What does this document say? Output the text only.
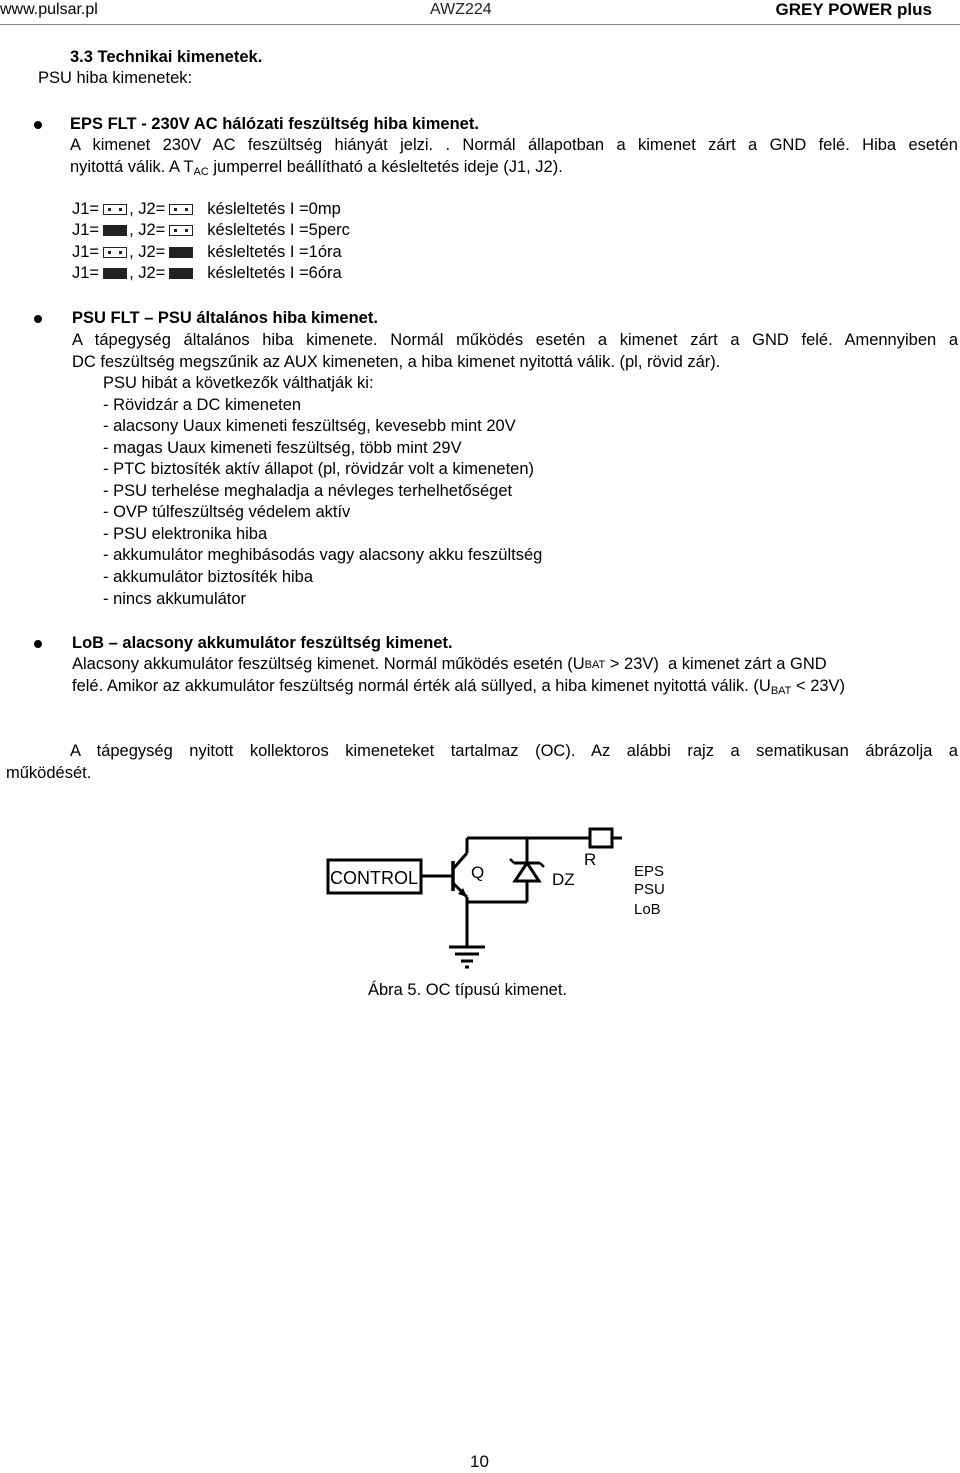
www.pulsar.pl	AWZ224	GREY POWER plus
3.3 Technikai kimenetek.
PSU hiba kimenetek:
EPS FLT - 230V AC hálózati feszültség hiba kimenet.
A kimenet 230V AC feszültség hiányát jelzi. . Normál állapotban a kimenet zárt a GND felé. Hiba esetén
nyitottá válik. A $T_{AC}$ jumperrel beállítható a késleltetés ideje (J1, J2).
J1= , J2=	késleltetés I =0mp
J1= , J2=	késleltetés I =5perc
J1= , J2=	késleltetés I =1óra
J1= , J2=	késleltetés I =6óra
PSU FLT – PSU általános hiba kimenet.
A tápegység általános hiba kimenete. Normál működés esetén a kimenet zárt a GND felé. Amennyiben a
DC feszültség megszűnik az AUX kimeneten, a hiba kimenet nyitottá válik. (pl, rövid zár).
PSU hibát a következők válthatják ki:
- Rövidzár a DC kimeneten
- alacsony Uaux kimeneti feszültség, kevesebb mint 20V
- magas Uaux kimeneti feszültség, több mint 29V
- PTC biztosíték aktív állapot (pl, rövidzár volt a kimeneten)
- PSU terhelése meghaladja a névleges terhelhetőséget
- OVP túlfeszültség védelem aktív
- PSU elektronika hiba
- akkumulátor meghibásodás vagy alacsony akku feszültség
- akkumulátor biztosíték hiba
- nincs akkumulátor
LoB – alacsony akkumulátor feszültség kimenet.
Alacsony akkumulátor feszültség kimenet. Normál működés esetén $(U_{BAT} > 23V)$  a kimenet zárt a GND
felé. Amikor az akkumulátor feszültség normál érték alá süllyed, a hiba kimenet nyitottá válik. $(U_{BAT} < 23V)$
A tápegység nyitott kollektoros kimeneteket tartalmaz (OC). Az alábbi rajz a sematikusan ábrázolja a
működését.
CONTROL	Q
R
DZ	EPS
PSU
LoB
Ábra 5. OC típusú kimenet.
10
